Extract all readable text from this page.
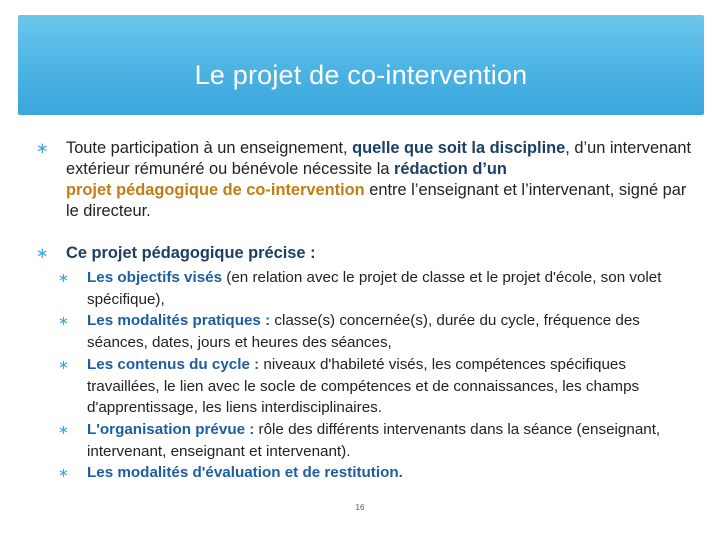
Le projet de co-intervention
∗ Toute participation à un enseignement, quelle que soit la discipline, d’un intervenant extérieur rémunéré ou bénévole nécessite la rédaction d’un
projet pédagogique de co-intervention entre l’enseignant et l’intervenant, signé par le directeur.
∗ Ce projet pédagogique précise :
∗ Les objectifs visés (en relation avec le projet de classe et le projet d'école, son volet spécifique),
∗ Les modalités pratiques : classe(s) concernée(s), durée du cycle, fréquence des séances, dates, jours et heures des séances,
∗ Les contenus du cycle : niveaux d'habileté visés, les compétences spécifiques travaillées, le lien avec le socle de compétences et de connaissances, les champs d'apprentissage, les liens interdisciplinaires.
∗ L'organisation prévue : rôle des différents intervenants dans la séance (enseignant, intervenant, enseignant et intervenant).
∗ Les modalités d'évaluation et de restitution.
16
